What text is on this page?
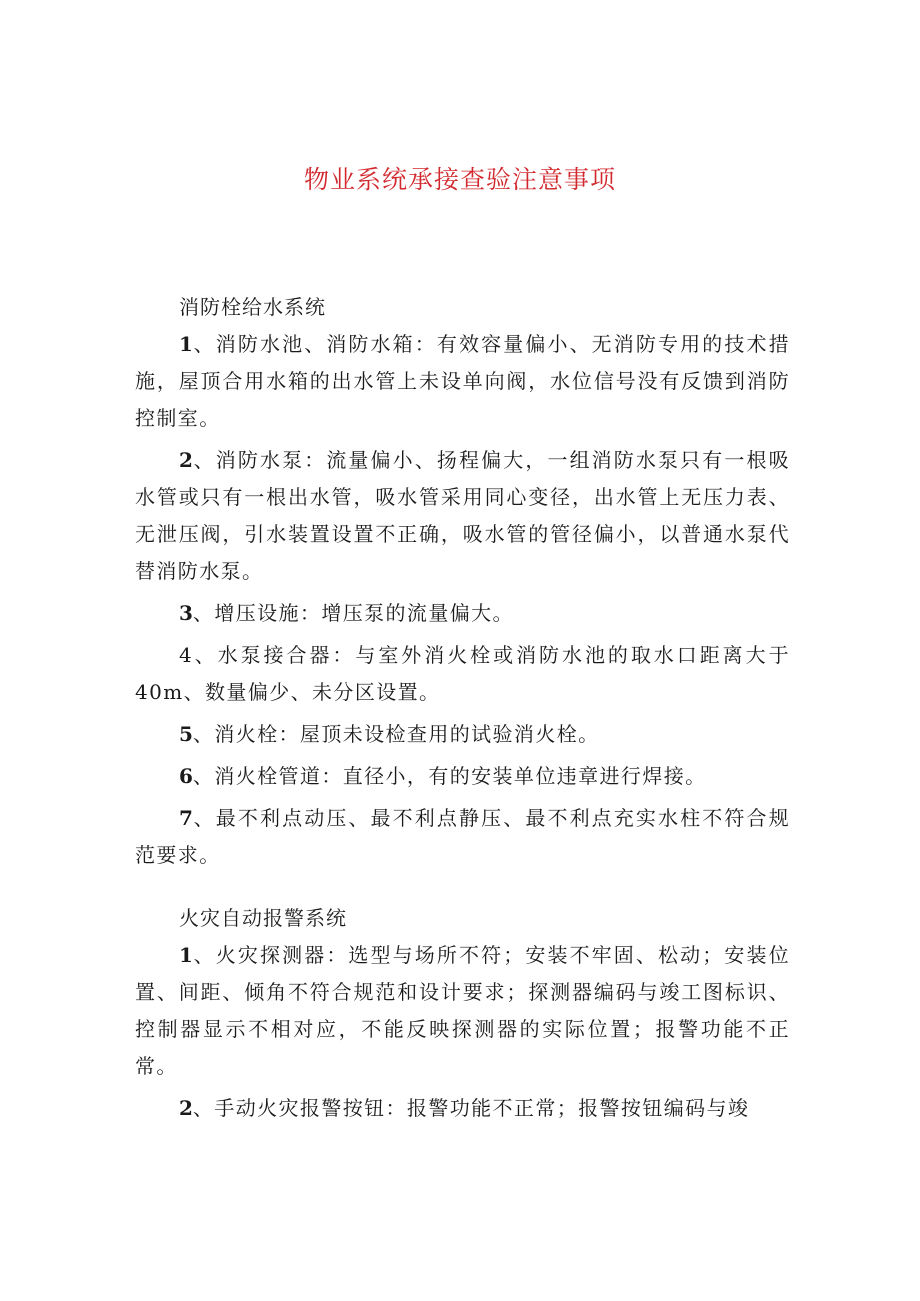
物业系统承接查验注意事项

消防栓给水系统

1、消防水池、消防水箱：有效容量偏小、无消防专用的技术措施，屋顶合用水箱的出水管上未设单向阀，水位信号没有反馈到消防控制室。

2、消防水泵：流量偏小、扬程偏大，一组消防水泵只有一根吸水管或只有一根出水管，吸水管采用同心变径，出水管上无压力表、无泄压阀，引水装置设置不正确，吸水管的管径偏小，以普通水泵代替消防水泵。

3、增压设施：增压泵的流量偏大。

4、水泵接合器：与室外消火栓或消防水池的取水口距离大于40m、数量偏少、未分区设置。

5、消火栓：屋顶未设检查用的试验消火栓。

6、消火栓管道：直径小，有的安装单位违章进行焊接。

7、最不利点动压、最不利点静压、最不利点充实水柱不符合规范要求。

火灾自动报警系统

1、火灾探测器：选型与场所不符；安装不牢固、松动；安装位置、间距、倾角不符合规范和设计要求；探测器编码与竣工图标识、控制器显示不相对应，不能反映探测器的实际位置；报警功能不正常。

2、手动火灾报警按钮：报警功能不正常；报警按钮编码与竣
